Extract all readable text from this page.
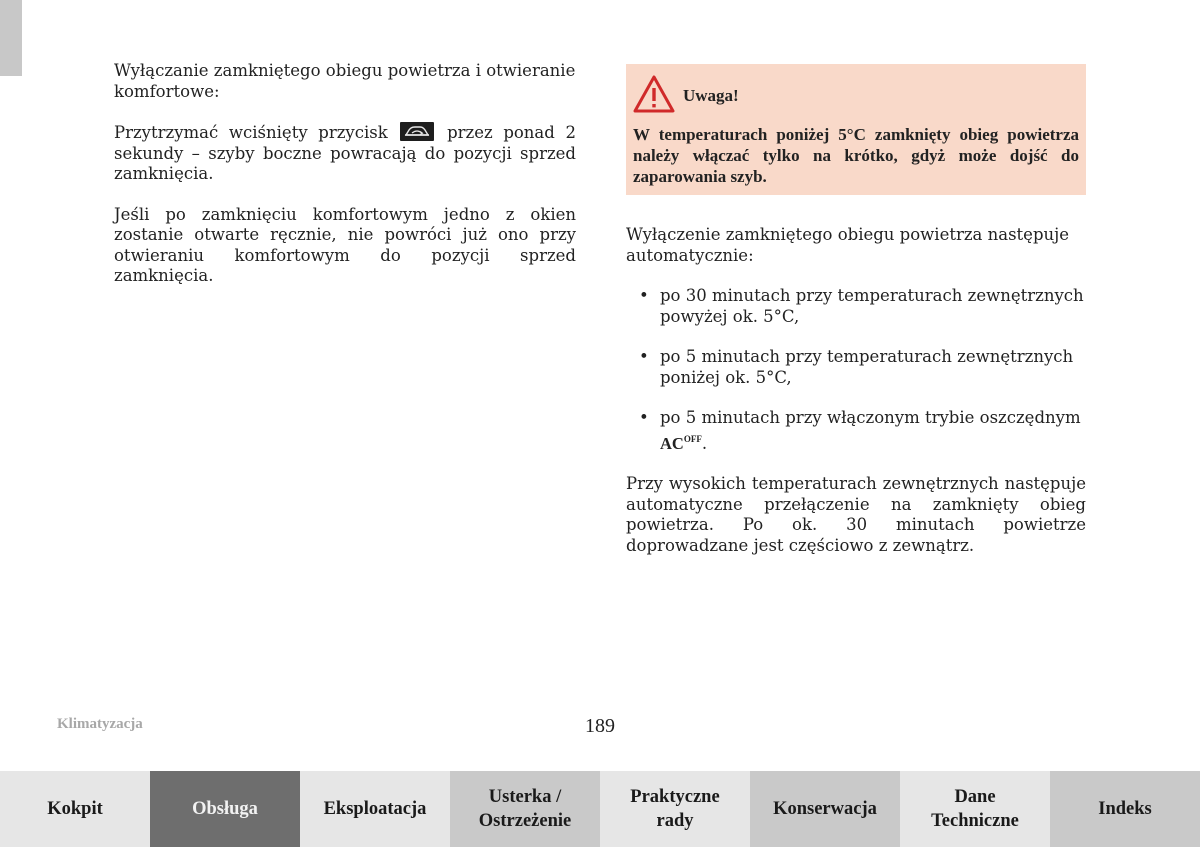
Wyłączanie zamkniętego obiegu powietrza i otwieranie komfortowe:

Przytrzymać wciśnięty przycisk	przez ponad 2 sekundy – szyby boczne powracają do pozycji sprzed zamknięcia.

Jeśli po zamknięciu komfortowym jedno z okien zostanie otwarte ręcznie, nie powróci już ono przy otwieraniu komfortowym do pozycji sprzed zamknięcia.

Uwaga!
W temperaturach poniżej 5°C zamknięty obieg powietrza należy włączać tylko na krótko, gdyż może dojść do zaparowania szyb.

Wyłączenie zamkniętego obiegu powietrza następuje automatycznie:

• po 30 minutach przy temperaturach zewnętrznych powyżej ok. 5°C,
• po 5 minutach przy temperaturach zewnętrznych poniżej ok. 5°C,
• po 5 minutach przy włączonym trybie oszczędnym $AC^{OFF}$.

Przy wysokich temperaturach zewnętrznych następuje automatyczne przełączenie na zamknięty obieg powietrza. Po ok. 30 minutach powietrze doprowadzane jest częściowo z zewnątrz.

Klimatyzacja	189
Kokpit	Obsługa	Eksploatacja
Usterka /
Ostrzeżenie
Praktyczne
rady
Konserwacja
Dane
Techniczne
Indeks
